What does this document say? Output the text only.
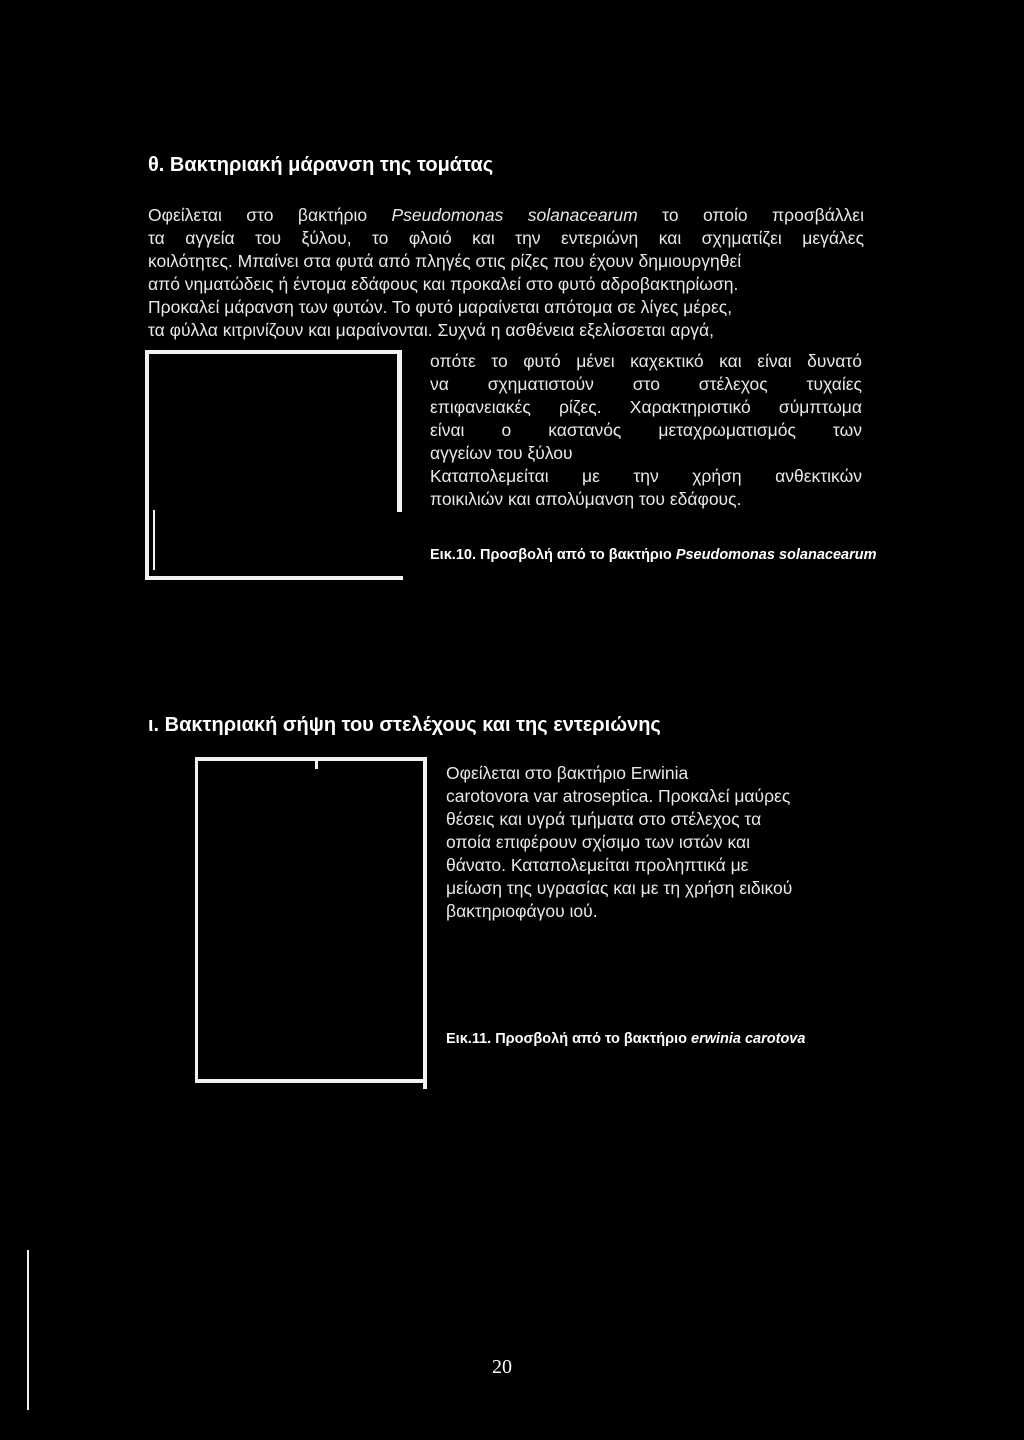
θ. Βακτηριακή μάρανση της τομάτας
Οφείλεται στο βακτήριο Pseudomonas solanacearum το οποίο προσβάλλει
τα αγγεία του ξύλου, το φλοιό και την εντεριώνη και σχηματίζει μεγάλες
κοιλότητες. Μπαίνει στα φυτά από πληγές στις ρίζες που έχουν δημιουργηθεί
από νηματώδεις ή έντομα εδάφους και προκαλεί στο φυτό αδροβακτηρίωση.
Προκαλεί μάρανση των φυτών. Το φυτό μαραίνεται απότομα σε λίγες μέρες,
τα φύλλα κιτρινίζουν και μαραίνονται. Συχνά η ασθένεια εξελίσσεται αργά,
οπότε το φυτό μένει καχεκτικό και είναι δυνατό
να σχηματιστούν στο στέλεχος τυχαίες
επιφανειακές ρίζες. Χαρακτηριστικό σύμπτωμα
είναι ο καστανός μεταχρωματισμός των
αγγείων του ξύλου
Καταπολεμείται με την χρήση ανθεκτικών
ποικιλιών και απολύμανση του εδάφους.
Εικ.10. Προσβολή από το βακτήριο Pseudomonas solanacearum
ι. Βακτηριακή σήψη του στελέχους και της εντεριώνης
Οφείλεται στο βακτήριο Erwinia
carotovora var atroseptica. Προκαλεί μαύρες
θέσεις και υγρά τμήματα στο στέλεχος τα
οποία επιφέρουν σχίσιμο των ιστών και
θάνατο. Καταπολεμείται προληπτικά με
μείωση της υγρασίας και με τη χρήση ειδικού
βακτηριοφάγου ιού.
Εικ.11. Προσβολή από το βακτήριο erwinia carotova
20
